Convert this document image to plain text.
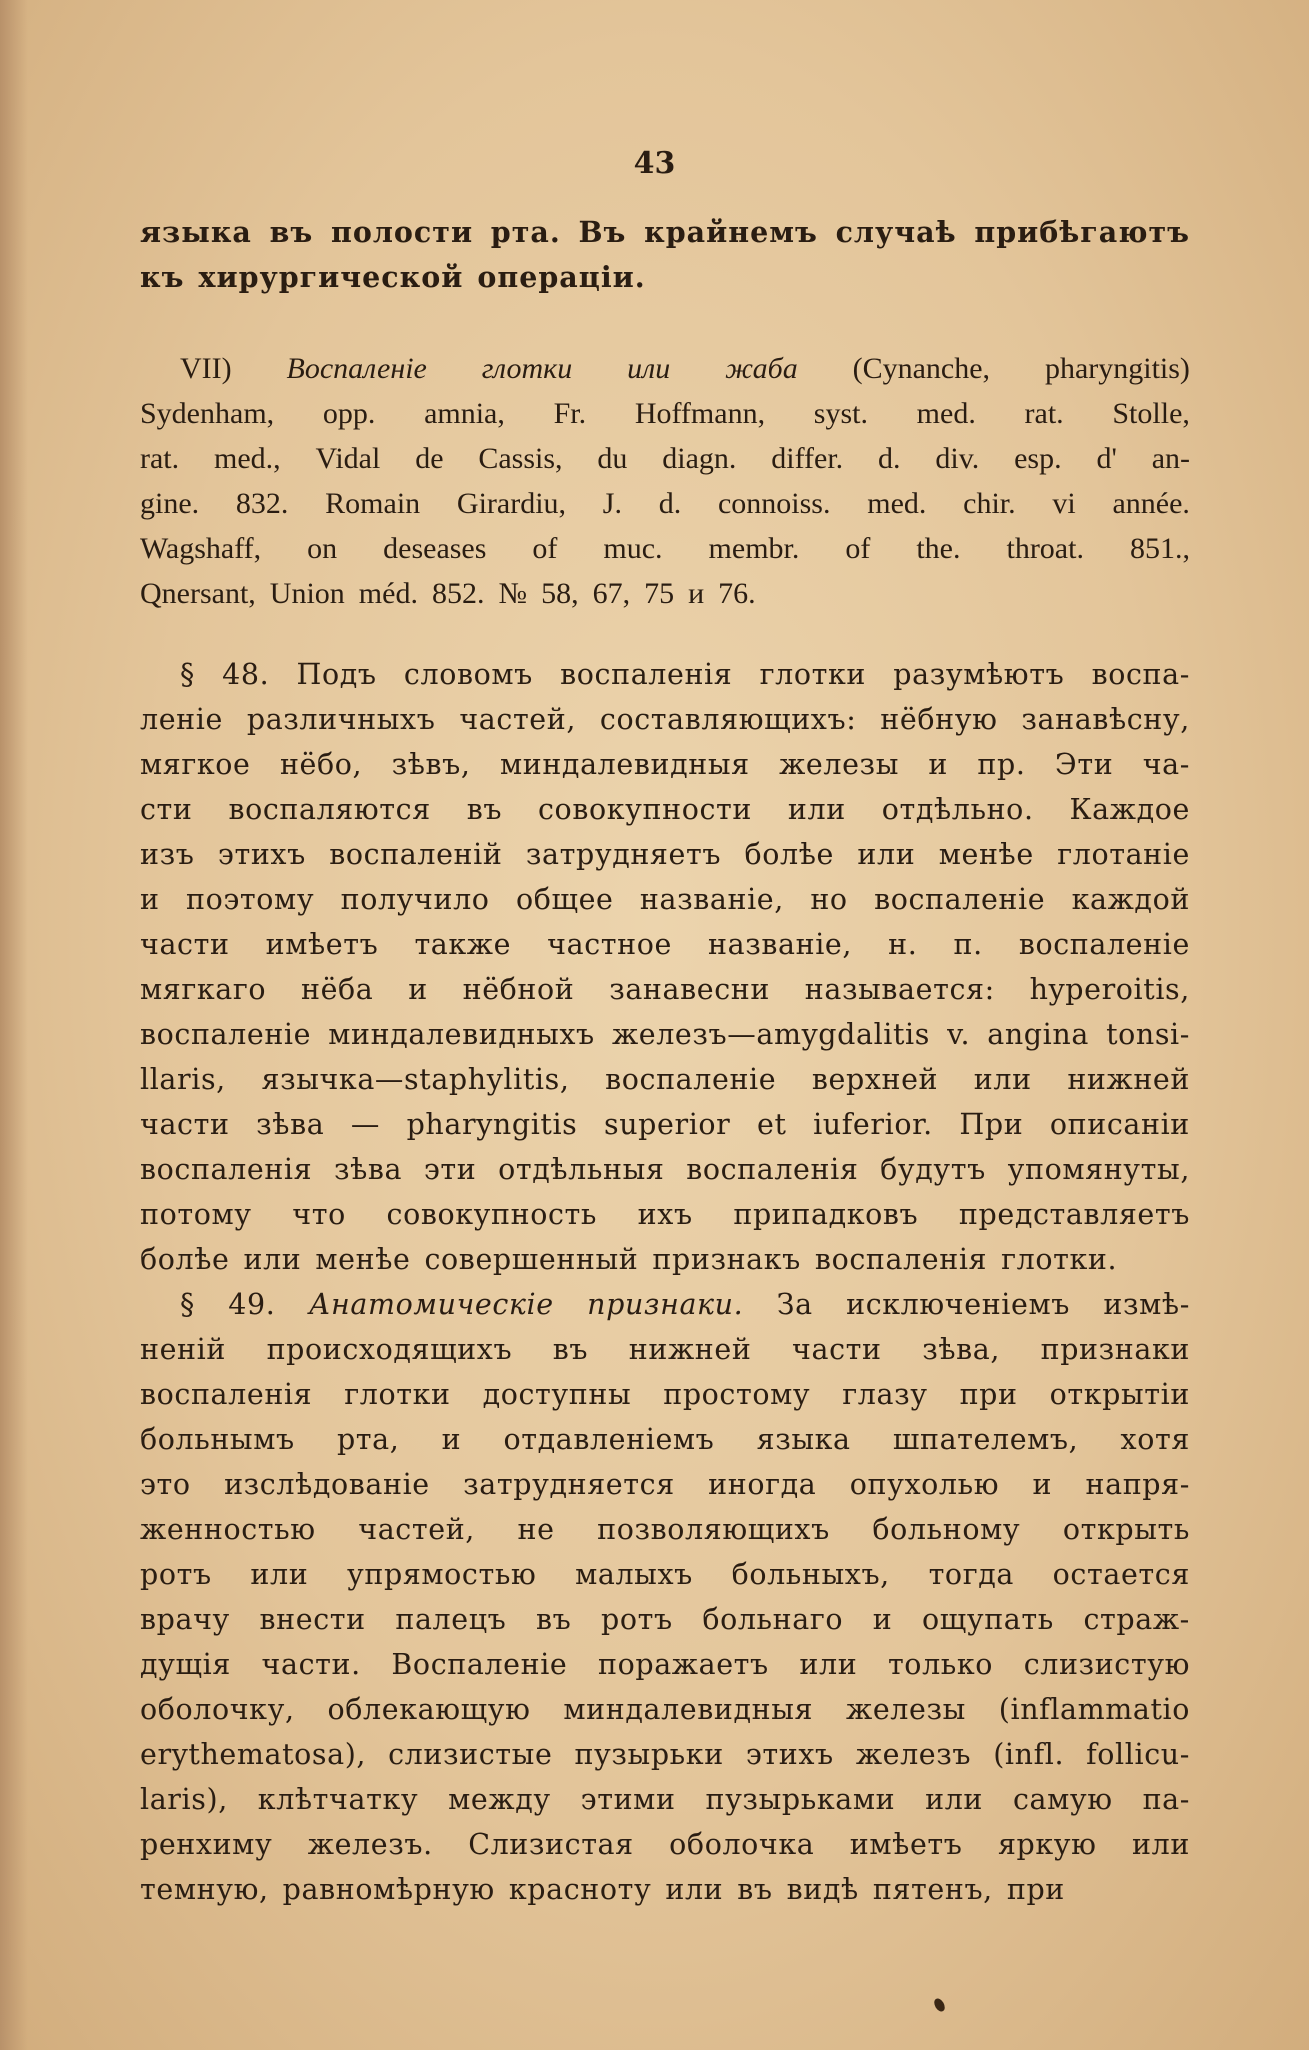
43
языка въ полости рта. Въ крайнемъ случаѣ прибѣгаютъ
къ хирургической операціи.
VII) Воспаленіе глотки или жаба (Cynanche, pharyngitis)
Sydenham, opp. amnia, Fr. Hoffmann, syst. med. rat. Stolle,
rat. med., Vidal de Cassis, du diagn. differ. d. div. esp. d' an-
gine. 832. Romain Girardiu, J. d. connoiss. med. chir. vi année.
Wagshaff, on deseases of muc. membr. of the. throat. 851.,
Qnersant, Union méd. 852. № 58, 67, 75 и 76.
§ 48. Подъ словомъ воспаленія глотки разумѣютъ воспа-
леніе различныхъ частей, составляющихъ: нёбную занавѣсну,
мягкое нёбо, зѣвъ, миндалевидныя железы и пр. Эти ча-
сти воспаляются въ совокупности или отдѣльно. Каждое
изъ этихъ воспаленій затрудняетъ болѣе или менѣе глотаніе
и поэтому получило общее названіе, но воспаленіе каждой
части имѣетъ также частное названіе, н. п. воспаленіе
мягкаго нёба и нёбной занавесни называется: hyperoitis,
воспаленіе миндалевидныхъ железъ—amygdalitis v. angina tonsi-
llaris, язычка—staphylitis, воспаленіе верхней или нижней
части зѣва — pharyngitis superior et iuferior. При описаніи
воспаленія зѣва эти отдѣльныя воспаленія будутъ упомянуты,
потому что совокупность ихъ припадковъ представляетъ
болѣе или менѣе совершенный признакъ воспаленія глотки.
§ 49. Анатомическіе признаки. За исключеніемъ измѣ-
неній происходящихъ въ нижней части зѣва, признаки
воспаленія глотки доступны простому глазу при открытіи
больнымъ рта, и отдавленіемъ языка шпателемъ, хотя
это изслѣдованіе затрудняется иногда опухолью и напря-
женностью частей, не позволяющихъ больному открыть
ротъ или упрямостью малыхъ больныхъ, тогда остается
врачу внести палецъ въ ротъ больнаго и ощупать страж-
дущія части. Воспаленіе поражаетъ или только слизистую
оболочку, облекающую миндалевидныя железы (inflammatio
erythematosa), слизистые пузырьки этихъ железъ (infl. follicu-
laris), клѣтчатку между этими пузырьками или самую па-
ренхиму железъ. Слизистая оболочка имѣетъ яркую или
темную, равномѣрную красноту или въ видѣ пятенъ, при
